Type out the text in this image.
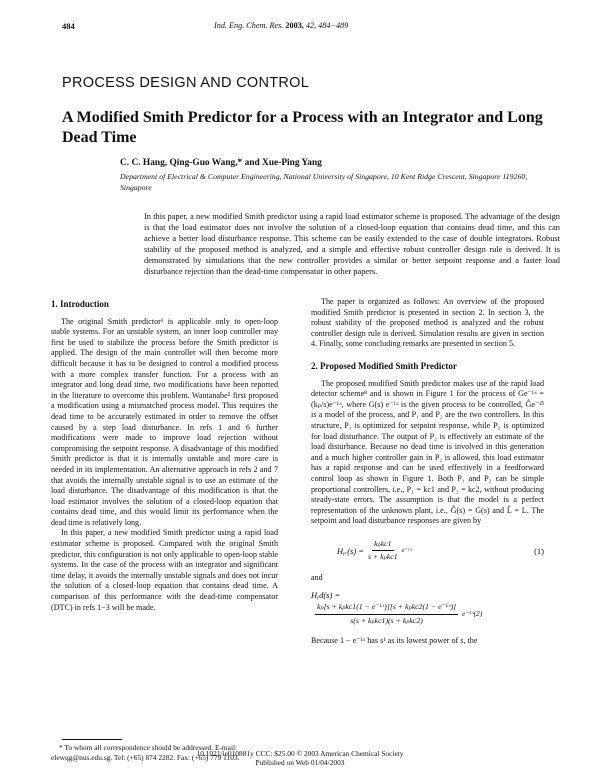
484	Ind. Eng. Chem. Res. 2003, 42, 484−489
PROCESS DESIGN AND CONTROL
A Modified Smith Predictor for a Process with an Integrator and Long Dead Time
C. C. Hang, Qing-Guo Wang,* and Xue-Ping Yang
Department of Electrical & Computer Engineering, National University of Singapore, 10 Kent Ridge Crescent, Singapore 119260, Singapore
In this paper, a new modified Smith predictor using a rapid load estimator scheme is proposed. The advantage of the design is that the load estimator does not involve the solution of a closed-loop equation that contains dead time, and this can achieve a better load disturbance response. This scheme can be easily extended to the case of double integrators. Robust stability of the proposed method is analyzed, and a simple and effective robust controller design rule is derived. It is demonstrated by simulations that the new controller provides a similar or better setpoint response and a faster load disturbance rejection than the dead-time compensator in other papers.
1. Introduction

The original Smith predictor¹ is applicable only to open-loop stable systems. For an unstable system, an inner loop controller may first be used to stabilize the process before the Smith predictor is applied. The design of the main controller will then become more difficult because it has to be designed to control a modified process with a more complex transfer function. For a process with an integrator and long dead time, two modifications have been reported in the literature to overcome this problem. Wantanabe⁵ first proposed a modification using a mismatched process model. This requires the dead time to be accurately estimated in order to remove the offset caused by a step load disturbance. In refs 1 and 6 further modifications were made to improve load rejection without compromising the setpoint response. A disadvantage of this modified Smith predictor is that it is internally unstable and more care is needed in its implementation. An alternative approach in refs 2 and 7 that avoids the internally unstable signal is to use an estimate of the load disturbance. The disadvantage of this modification is that the load estimator involves the solution of a closed-loop equation that contains dead time, and this would limit its performance when the dead time is relatively long.

In this paper, a new modified Smith predictor using a rapid load estimator scheme is proposed. Compared with the original Smith predictor, this configuration is not only applicable to open-loop stable systems. In the case of the process with an integrator and significant time delay, it avoids the internally unstable signals and does not incur the solution of a closed-loop equation that contains dead time. A comparison of this performance with the dead-time compensator (DTC) in refs 1−3 will be made.

The paper is organized as follows: An overview of the proposed modified Smith predictor is presented in section 2. In section 3, the robust stability of the proposed method is analyzed and the robust controller design rule is derived. Simulation results are given in section 4. Finally, some concluding remarks are presented in section 5.

2. Proposed Modified Smith Predictor

The proposed modified Smith predictor makes use of the rapid load detector scheme⁸ and is shown in Figure 1 for the process of Ge⁻ᴸˢ = (kₚ/s)e⁻ᴸˢ, where G(s) e⁻ᴸˢ is the given process to be controlled, Ĝe⁻ᴸ̂ˢ is a model of the process, and P₁ and P₂ are the two controllers. In this structure, P₁ is optimized for setpoint response, while P₂ is optimized for load disturbance. The output of P₂ is effectively an estimate of the load disturbance. Because no dead time is involved in this generation and a much higher controller gain in P₂ is allowed, this load estimator has a rapid response and can be used effectively in a feedforward control loop as shown in Figure 1. Both P₁ and P₂ can be simple proportional controllers, i.e., P₁ = kc1 and P₂ = kc2, without producing steady-state errors. The assumption is that the model is a perfect representation of the unknown plant, i.e., Ĝ(s) = G(s) and L̂ = L. The setpoint and load disturbance responses are given by

Hᵧᵣ(s) = $\frac{\text{kₚkc1}}{\text{s + kₚkc1}}$ e⁻ᴸˢ	(1)

and

Hᵧd(s) =
$\frac{\text{kₚ[s + kₚkc1(1 − e⁻ᴸˢ)][s + kₚkc2(1 − e⁻ᴸˢ)]}}{\text{s(s + kₚkc1)(s + kₚkc2)}}$ e⁻ᴸˢ (2)

Because 1 − e⁻ᴸˢ has s¹ as its lowest power of s, the

* To whom all correspondence should be addressed. E-mail: elewqg@nus.edu.sg. Tel: (+65) 874 2282. Fax: (+65) 779 1103.

10.1021/ie010881y CCC: $25.00 © 2003 American Chemical Society
Published on Web 01/04/2003
